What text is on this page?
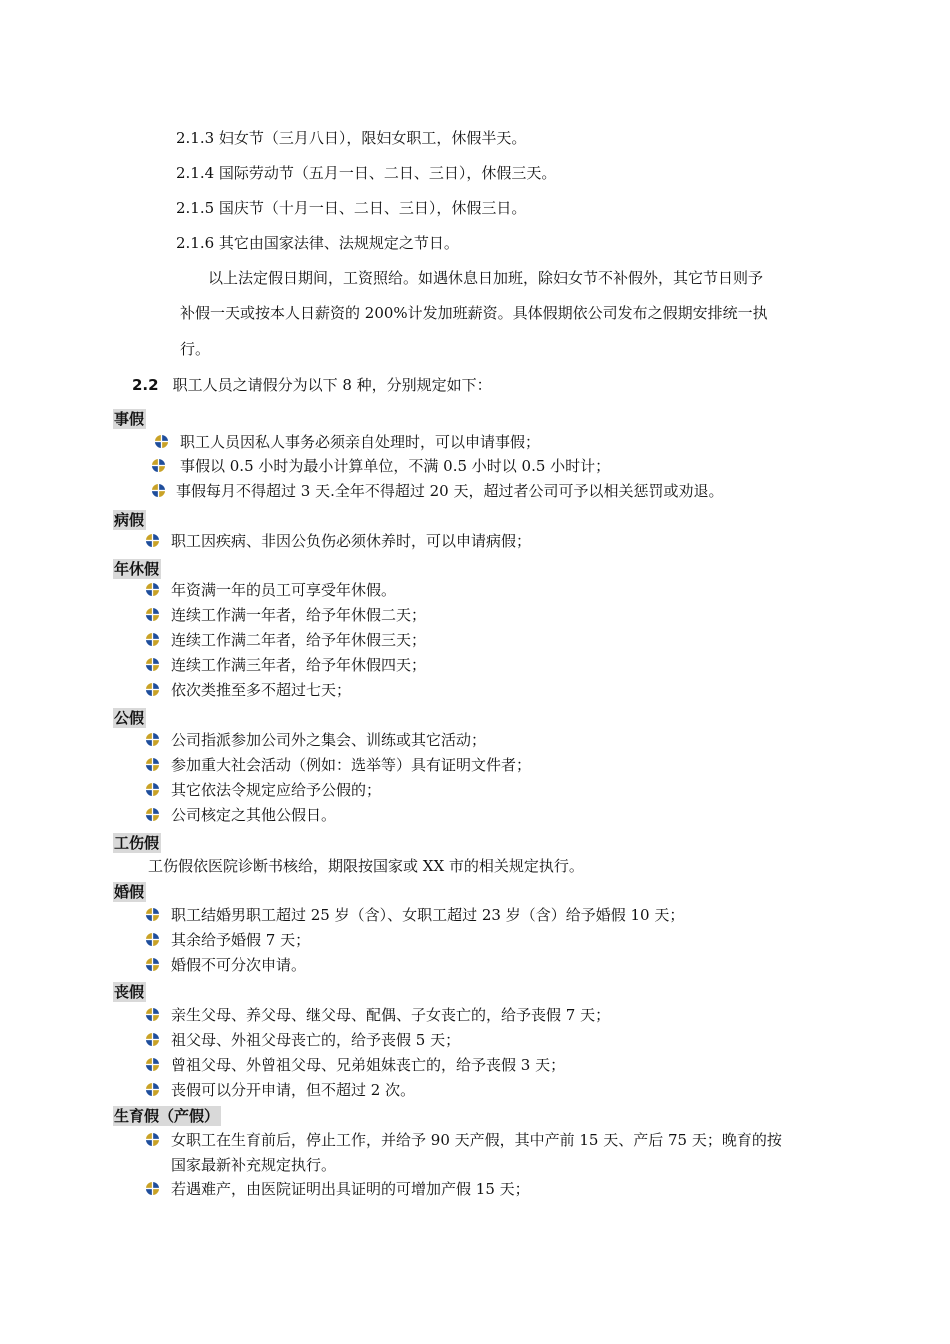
2.1.3 妇女节（三月八日），限妇女职工，休假半天。
2.1.4 国际劳动节（五月一日、二日、三日），休假三天。
2.1.5 国庆节（十月一日、二日、三日），休假三日。
2.1.6 其它由国家法律、法规规定之节日。
以上法定假日期间，工资照给。如遇休息日加班，除妇女节不补假外，其它节日则予
补假一天或按本人日薪资的 200%计发加班薪资。具体假期依公司发布之假期安排统一执
行。
2.2 职工人员之请假分为以下 8 种，分别规定如下：
事假
职工人员因私人事务必须亲自处理时，可以申请事假；
事假以 0.5 小时为最小计算单位，不满 0.5 小时以 0.5 小时计；
事假每月不得超过 3 天.全年不得超过 20 天，超过者公司可予以相关惩罚或劝退。
病假
职工因疾病、非因公负伤必须休养时，可以申请病假；
年休假
年资满一年的员工可享受年休假。
连续工作满一年者，给予年休假二天；
连续工作满二年者，给予年休假三天；
连续工作满三年者，给予年休假四天；
依次类推至多不超过七天；
公假
公司指派参加公司外之集会、训练或其它活动；
参加重大社会活动（例如：选举等）具有证明文件者；
其它依法令规定应给予公假的；
公司核定之其他公假日。
工伤假
工伤假依医院诊断书核给，期限按国家或 XX 市的相关规定执行。
婚假
职工结婚男职工超过 25 岁（含）、女职工超过 23 岁（含）给予婚假 10 天；
其余给予婚假 7 天；
婚假不可分次申请。
丧假
亲生父母、养父母、继父母、配偶、子女丧亡的，给予丧假 7 天；
祖父母、外祖父母丧亡的，给予丧假 5 天；
曾祖父母、外曾祖父母、兄弟姐妹丧亡的，给予丧假 3 天；
丧假可以分开申请，但不超过 2 次。
生育假（产假）
女职工在生育前后，停止工作，并给予 90 天产假，其中产前 15 天、产后 75 天；晚育的按
国家最新补充规定执行。
若遇难产，由医院证明出具证明的可增加产假 15 天；
